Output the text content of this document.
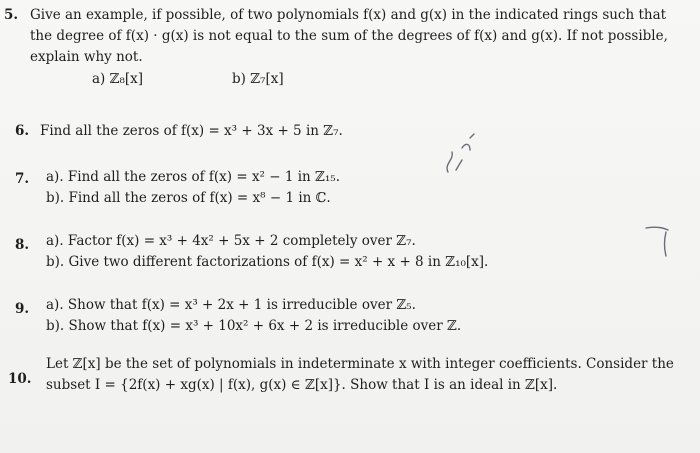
5. Give an example, if possible, of two polynomials f(x) and g(x) in the indicated rings such that
the degree of f(x) · g(x) is not equal to the sum of the degrees of f(x) and g(x). If not possible,
explain why not.
a) ℤ₈[x]	b) ℤ₇[x]
6. Find all the zeros of f(x) = x³ + 3x + 5 in ℤ₇.
7. a). Find all the zeros of f(x) = x² − 1 in ℤ₁₅.
b). Find all the zeros of f(x) = x⁸ − 1 in ℂ.
8. a). Factor f(x) = x³ + 4x² + 5x + 2 completely over ℤ₇.
b). Give two different factorizations of f(x) = x² + x + 8 in ℤ₁₀[x].
9. a). Show that f(x) = x³ + 2x + 1 is irreducible over ℤ₅.
b). Show that f(x) = x³ + 10x² + 6x + 2 is irreducible over ℤ.
10.
Let ℤ[x] be the set of polynomials in indeterminate x with integer coefficients. Consider the
subset I = {2f(x) + xg(x) | f(x), g(x) ∈ ℤ[x]}. Show that I is an ideal in ℤ[x].
